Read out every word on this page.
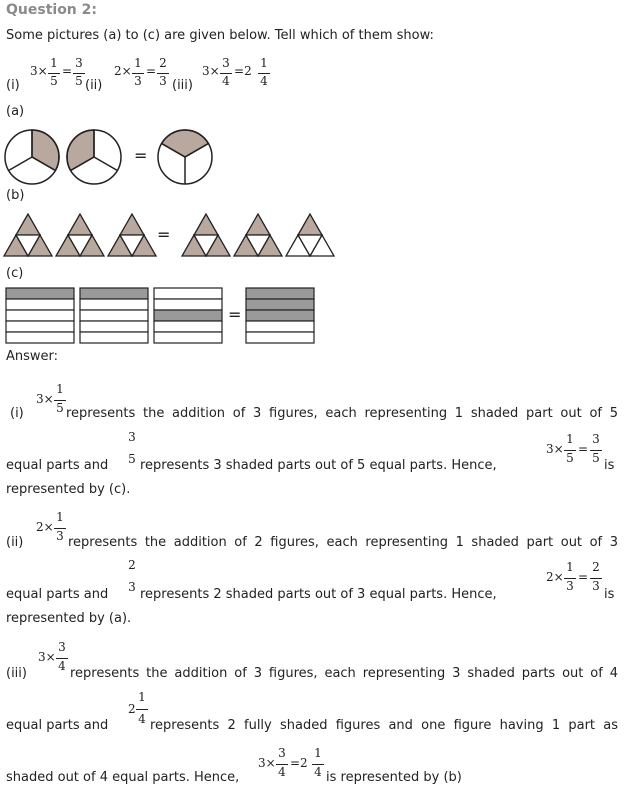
Question 2:
Some pictures (a) to (c) are given below. Tell which of them show:
(i)
3×
1
5
=
3
5 (ii)
2×
1
3
=
2
3 (iii)
3×
3
4
=2
1
4
(a)
=
(b)
=
(c)
=
Answer:
(i)
3×
1
5 represents the addition of 3 figures, each representing 1 shaded part out of 5
equal parts and
3
5 represents 3 shaded parts out of 5 equal parts. Hence,
3×
1
5
=
3
5 is
represented by (c).
(ii)
2×
1
3 represents the addition of 2 figures, each representing 1 shaded part out of 3
equal parts and
2
3 represents 2 shaded parts out of 3 equal parts. Hence,
2×
1
3
=
2
3
is
represented by (a).
(iii)
3×
3
4 represents the addition of 3 figures, each representing 3 shaded parts out of 4
equal parts and
2
1
4 represents 2 fully shaded figures and one figure having 1 part as
shaded out of 4 equal parts. Hence,
3×
3
4
=2
1
4 is represented by (b)
